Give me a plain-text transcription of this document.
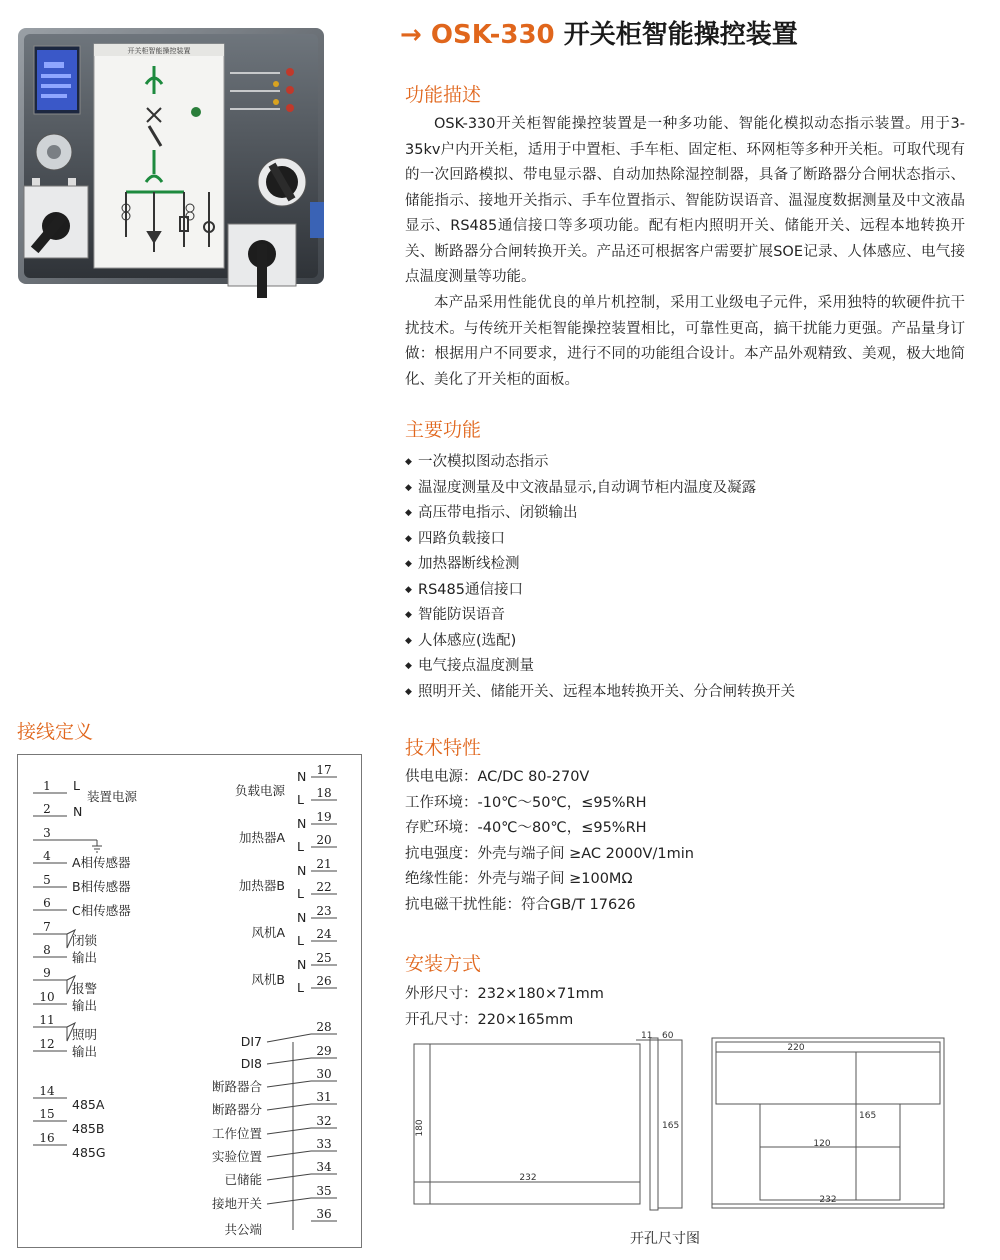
→ OSK-330 开关柜智能操控装置
开关柜智能操控装置
功能描述
OSK-330开关柜智能操控装置是一种多功能、智能化模拟动态指示装置。用于3-35kv户内开关柜，适用于中置柜、手车柜、固定柜、环网柜等多种开关柜。可取代现有的一次回路模拟、带电显示器、自动加热除湿控制器，具备了断路器分合闸状态指示、储能指示、接地开关指示、手车位置指示、智能防误语音、温湿度数据测量及中文液晶显示、RS485通信接口等多项功能。配有柜内照明开关、储能开关、远程本地转换开关、断路器分合闸转换开关。产品还可根据客户需要扩展SOE记录、人体感应、电气接点温度测量等功能。
本产品采用性能优良的单片机控制，采用工业级电子元件，采用独特的软硬件抗干扰技术。与传统开关柜智能操控装置相比，可靠性更高，搞干扰能力更强。产品量身订做：根据用户不同要求，进行不同的功能组合设计。本产品外观精致、美观，极大地简化、美化了开关柜的面板。
主要功能
◆ 一次模拟图动态指示
◆ 温湿度测量及中文液晶显示,自动调节柜内温度及凝露
◆ 高压带电指示、闭锁输出
◆ 四路负载接口
◆ 加热器断线检测
◆ RS485通信接口
◆ 智能防误语音
◆ 人体感应(选配)
◆ 电气接点温度测量
◆ 照明开关、储能开关、远程本地转换开关、分合闸转换开关
技术特性
供电电源：AC/DC 80-270V
工作环境：-10℃～50℃，≤95%RH
存贮环境：-40℃～80℃，≤95%RH
抗电强度：外壳与端子间 ≥AC 2000V/1min
绝缘性能：外壳与端子间 ≥100MΩ
抗电磁干扰性能：符合GB/T 17626
安装方式
外形尺寸：232×180×71mm
开孔尺寸：220×165mm
232
180
11 60
165
220
120
232
165
开孔尺寸图
接线定义
1
2
3
4
5
6
7
8
9
10
11
12
14
15
16
L
N
装置电源
A相传感器
B相传感器
C相传感器
闭锁
输出
报警
输出
照明
输出
485A
485B
485G
17
18
19
20
21
22
23
24
25
26
28
29
30
31
32
33
34
35
36
N
L
N
L
N
L
N
L
N
L
负载电源
加热器A
加热器B
风机A
风机B
DI7
DI8
断路器合
断路器分
工作位置
实验位置
已储能
接地开关
共公端
